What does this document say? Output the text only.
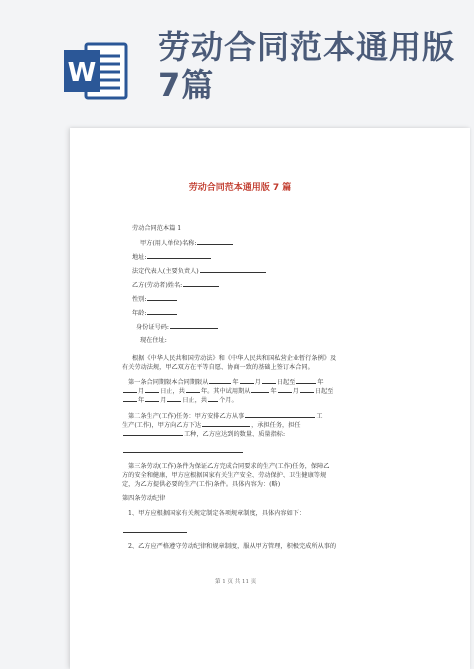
W
劳动合同范本通用版7篇
劳动合同范本通用版 7 篇
劳动合同范本篇 1
甲方(用人单位)名称:
地址:
法定代表人(主要负责人)
乙方(劳动者)姓名:
性别:
年龄:
身份证号码:
现在住址:
根据《中华人民共和国劳动法》和《中华人民共和国私营企业暂行条例》及
有关劳动法规，甲乙双方在平等自愿、协商一致的基础上签订本合同。
第一条合同期限本合同期限从	年	月	日起至	年
月	日止，共	年。其中试用期从	年	月	日起至
年	月	日止，共 个月。
第二条生产(工作)任务：甲方安排乙方从事	工
生产(工作)，甲方向乙方下达	，承担任务，担任
工种，乙方应达到的数量、质量指标:
第三条劳动(工作)条件为保证乙方完成合同要求的生产(工作)任务，保障乙
方的安全和健康，甲方应根据国家有关生产安全、劳动保护、卫生健康等规
定，为乙方提供必要的生产(工作)条件。具体内容为：(略)
第四条劳动纪律
1、甲方应根据国家有关规定制定各项规章制度，具体内容如下：
2、乙方应严格遵守劳动纪律和规章制度，服从甲方管理，积极完成所从事的
第 1 页 共 11 页
